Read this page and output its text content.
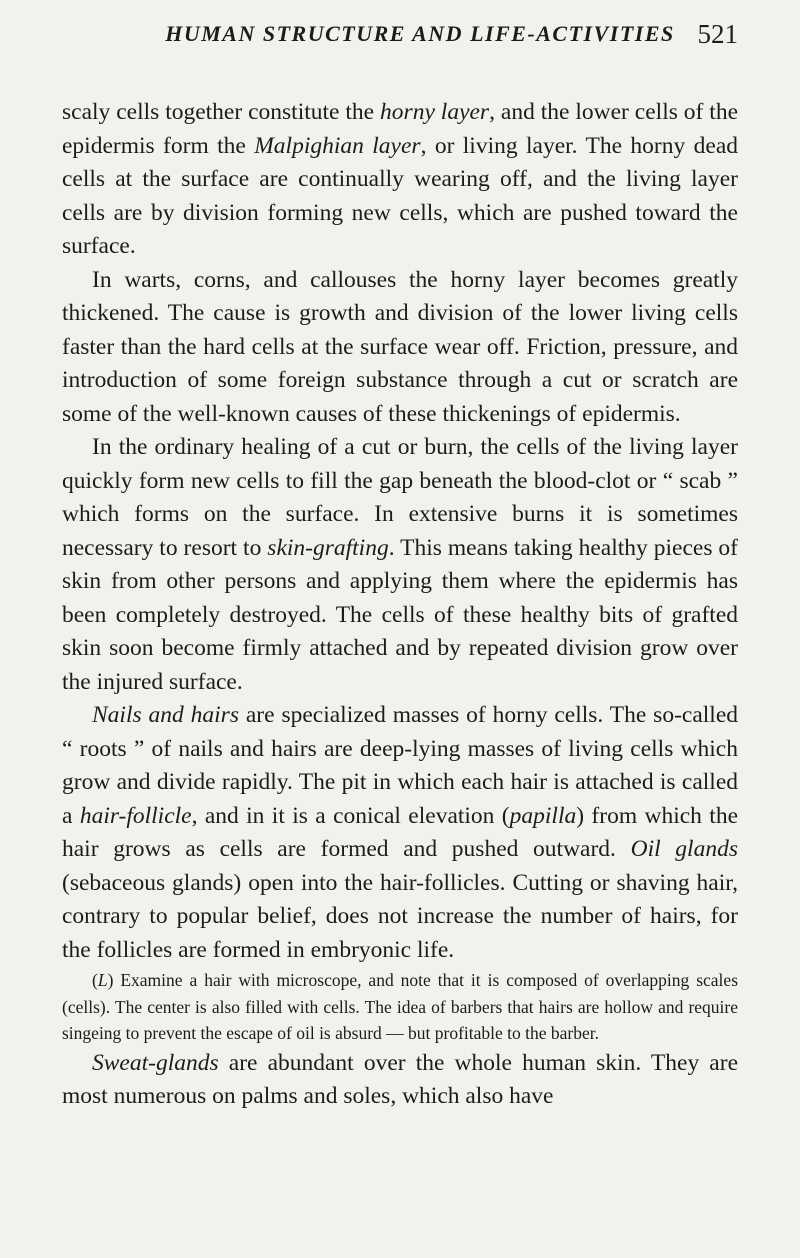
HUMAN STRUCTURE AND LIFE-ACTIVITIES 521

scaly cells together constitute the horny layer, and the lower cells of the epidermis form the Malpighian layer, or living layer. The horny dead cells at the surface are continually wearing off, and the living layer cells are by division forming new cells, which are pushed toward the surface.

In warts, corns, and callouses the horny layer becomes greatly thickened. The cause is growth and division of the lower living cells faster than the hard cells at the surface wear off. Friction, pressure, and introduction of some foreign substance through a cut or scratch are some of the well-known causes of these thickenings of epidermis.

In the ordinary healing of a cut or burn, the cells of the living layer quickly form new cells to fill the gap beneath the blood-clot or “ scab ” which forms on the surface. In extensive burns it is sometimes necessary to resort to skin-grafting. This means taking healthy pieces of skin from other persons and applying them where the epidermis has been completely destroyed. The cells of these healthy bits of grafted skin soon become firmly attached and by repeated division grow over the injured surface.

Nails and hairs are specialized masses of horny cells. The so-called “ roots ” of nails and hairs are deep-lying masses of living cells which grow and divide rapidly. The pit in which each hair is attached is called a hair-follicle, and in it is a conical elevation (papilla) from which the hair grows as cells are formed and pushed outward. Oil glands (sebaceous glands) open into the hair-follicles. Cutting or shaving hair, contrary to popular belief, does not increase the number of hairs, for the follicles are formed in embryonic life.

(L) Examine a hair with microscope, and note that it is composed of overlapping scales (cells). The center is also filled with cells. The idea of barbers that hairs are hollow and require singeing to prevent the escape of oil is absurd — but profitable to the barber.

Sweat-glands are abundant over the whole human skin. They are most numerous on palms and soles, which also have
